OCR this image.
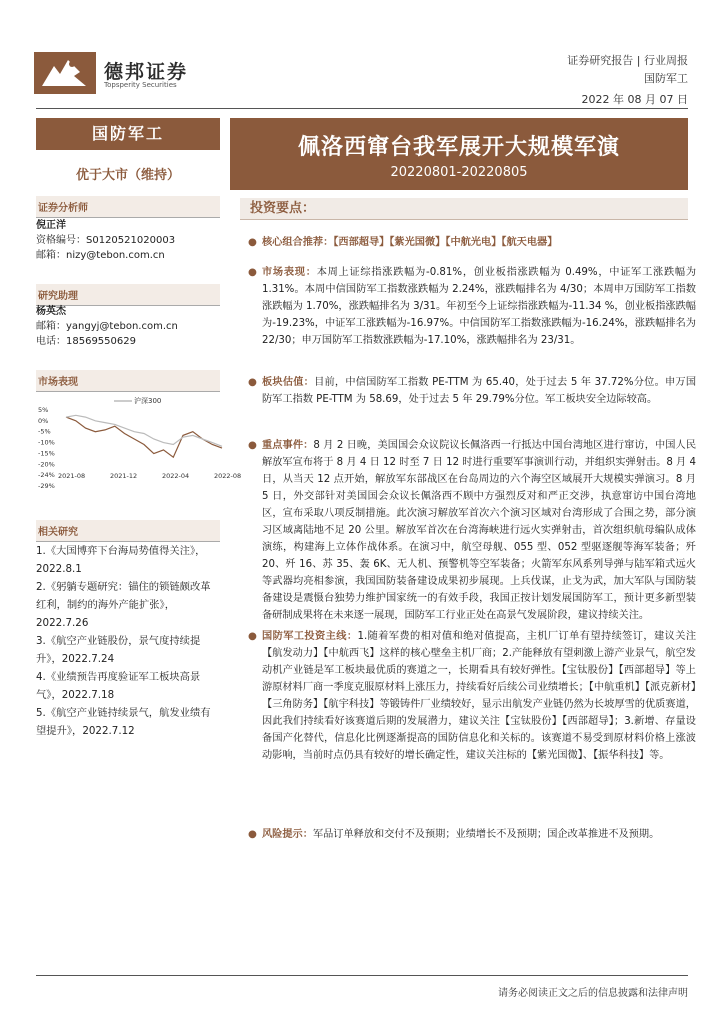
德邦证券
Topsperity Securities
证券研究报告 | 行业周报
国防军工
2022 年 08 月 07 日
国防军工
优于大市（维持）
证券分析师
倪正洋
资格编号：S0120521020003
邮箱：nizy@tebon.com.cn
研究助理
杨英杰
邮箱：yangyj@tebon.com.cn
电话：18569550629
市场表现
5%
0%
-5%
-10%
-15%
-20%
-24%
-29%
2021-08	2021-12	2022-04	2022-08
沪深300
相关研究
1.《大国博弈下台海局势值得关注》，2022.8.1
2.《躬躺专题研究：锚住的锁链颇改革红利，制约的海外产能扩张》，2022.7.26
3.《航空产业链股份，景气度持续提升》，2022.7.24
4.《业绩预告再度验证军工板块高景气》，2022.7.18
5.《航空产业链持续景气，航发业绩有望提升》，2022.7.12
佩洛西窜台我军展开大规模军演
20220801-20220805
投资要点：
● 核心组合推荐：【西部超导】【紫光国微】【中航光电】【航天电器】
● 市场表现：本周上证综指涨跌幅为-0.81%，创业板指涨跌幅为 0.49%，中证军工涨跌幅为 1.31%。本周中信国防军工指数涨跌幅为 2.24%，涨跌幅排名为 4/30；本周申万国防军工指数涨跌幅为 1.70%，涨跌幅排名为 3/31。年初至今上证综指涨跌幅为-11.34 %，创业板指涨跌幅为-19.23%，中证军工涨跌幅为-16.97%。中信国防军工指数涨跌幅为-16.24%，涨跌幅排名为 22/30；申万国防军工指数涨跌幅为-17.10%，涨跌幅排名为 23/31。
● 板块估值：目前，中信国防军工指数 PE-TTM 为 65.40，处于过去 5 年 37.72%分位。申万国防军工指数 PE-TTM 为 58.69，处于过去 5 年 29.79%分位。军工板块安全边际较高。
● 重点事件：8 月 2 日晚，美国国会众议院议长佩洛西一行抵达中国台湾地区进行窜访，中国人民解放军宣布将于 8 月 4 日 12 时至 7 日 12 时进行重要军事演训行动，并组织实弹射击。8 月 4 日，从当天 12 点开始，解放军东部战区在台岛周边的六个海空区域展开大规模实弹演习。8 月 5 日，外交部针对美国国会众议长佩洛西不顾中方强烈反对和严正交涉，执意窜访中国台湾地区，宣布采取八项反制措施。此次演习解放军首次六个演习区域对台湾形成了合围之势，部分演习区域离陆地不足 20 公里。解放军首次在台湾海峡进行远火实弹射击，首次组织航母编队成体演练，构建海上立体作战体系。在演习中，航空母舰、055 型、052 型驱逐舰等海军装备；歼 20、歼 16、苏 35、轰 6K、无人机、预警机等空军装备；火箭军东风系列导弹与陆军箱式远火等武器均亮相参演，我国国防装备建设成果初步展现。上兵伐谋，止戈为武，加大军队与国防装备建设是震慑台独势力维护国家统一的有效手段，我国正按计划发展国防军工，预计更多新型装备研制成果将在未来逐一展现，国防军工行业正处在高景气发展阶段，建议持续关注。
● 国防军工投资主线：1.随着军费的相对值和绝对值提高，主机厂订单有望持续签订，建议关注【航发动力】【中航西飞】这样的核心壁垒主机厂商；2.产能释放有望刺激上游产业景气，航空发动机产业链是军工板块最优质的赛道之一，长期看具有较好弹性。【宝钛股份】【西部超导】等上游原材料厂商一季度克服原材料上涨压力，持续看好后续公司业绩增长；【中航重机】【派克新材】【三角防务】【航宇科技】等锻铸件厂业绩较好，显示出航发产业链仍然为长坡厚雪的优质赛道，因此我们持续看好该赛道后期的发展潜力，建议关注【宝钛股份】【西部超导】；3.新增、存量设备国产化替代，信息化比例逐渐提高的国防信息化和关标的。该赛道不易受到原材料价格上涨波动影响，当前时点仍具有较好的增长确定性，建议关注标的【紫光国微】、【振华科技】等。
● 风险提示：军品订单释放和交付不及预期；业绩增长不及预期；国企改革推进不及预期。
请务必阅读正文之后的信息披露和法律声明
